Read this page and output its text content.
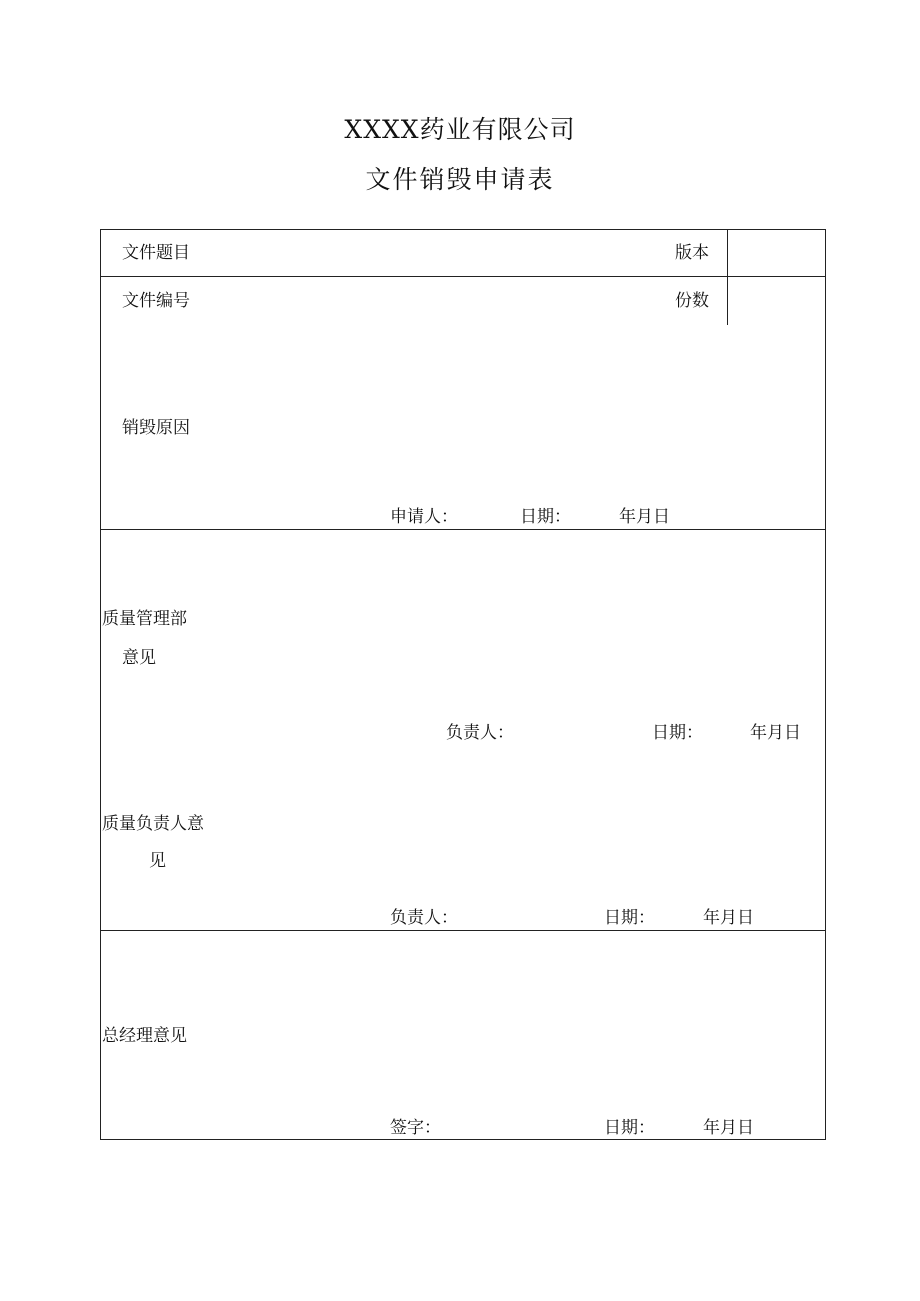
XXXX药业有限公司
文件销毁申请表
文件题目	版本
文件编号	份数
销毁原因
申请人：	日期：	年月日
质量管理部
意见
负责人：	日期：	年月日
质量负责人意
见
负责人：	日期：	年月日
总经理意见
签字：	日期：	年月日
